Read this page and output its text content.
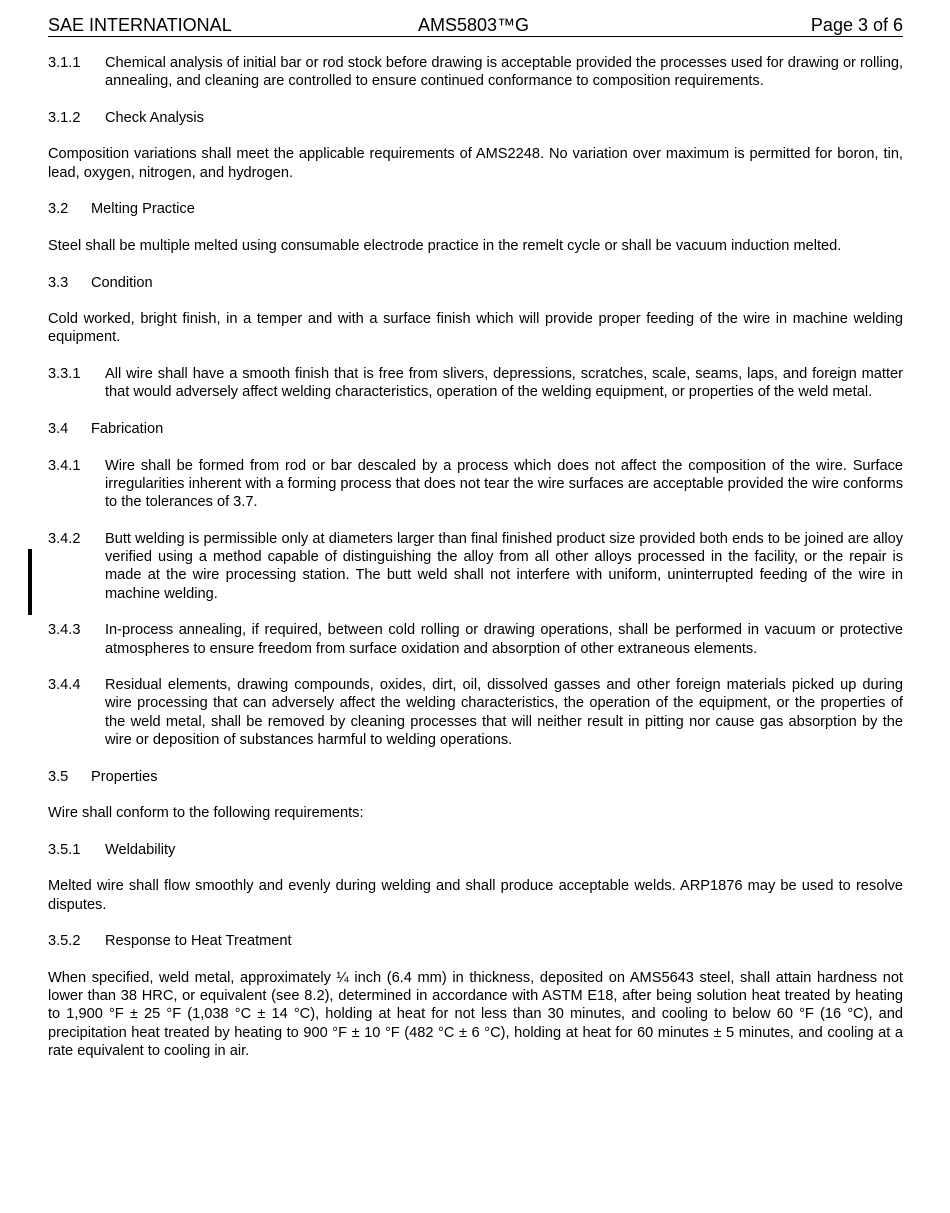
SAE INTERNATIONAL	AMS5803™G	Page 3 of 6
3.1.1	Chemical analysis of initial bar or rod stock before drawing is acceptable provided the processes used for drawing or rolling, annealing, and cleaning are controlled to ensure continued conformance to composition requirements.
3.1.2	Check Analysis

Composition variations shall meet the applicable requirements of AMS2248. No variation over maximum is permitted for boron, tin, lead, oxygen, nitrogen, and hydrogen.

3.2	Melting Practice

Steel shall be multiple melted using consumable electrode practice in the remelt cycle or shall be vacuum induction melted.

3.3	Condition

Cold worked, bright finish, in a temper and with a surface finish which will provide proper feeding of the wire in machine welding equipment.

3.3.1	All wire shall have a smooth finish that is free from slivers, depressions, scratches, scale, seams, laps, and foreign matter that would adversely affect welding characteristics, operation of the welding equipment, or properties of the weld metal.
3.4	Fabrication
3.4.1	Wire shall be formed from rod or bar descaled by a process which does not affect the composition of the wire. Surface irregularities inherent with a forming process that does not tear the wire surfaces are acceptable provided the wire conforms to the tolerances of 3.7.
3.4.2	Butt welding is permissible only at diameters larger than final finished product size provided both ends to be joined are alloy verified using a method capable of distinguishing the alloy from all other alloys processed in the facility, or the repair is made at the wire processing station. The butt weld shall not interfere with uniform, uninterrupted feeding of the wire in machine welding.
3.4.3	In-process annealing, if required, between cold rolling or drawing operations, shall be performed in vacuum or protective atmospheres to ensure freedom from surface oxidation and absorption of other extraneous elements.
3.4.4	Residual elements, drawing compounds, oxides, dirt, oil, dissolved gasses and other foreign materials picked up during wire processing that can adversely affect the welding characteristics, the operation of the equipment, or the properties of the weld metal, shall be removed by cleaning processes that will neither result in pitting nor cause gas absorption by the wire or deposition of substances harmful to welding operations.
3.5	Properties

Wire shall conform to the following requirements:

3.5.1	Weldability

Melted wire shall flow smoothly and evenly during welding and shall produce acceptable welds. ARP1876 may be used to resolve disputes.

3.5.2	Response to Heat Treatment

When specified, weld metal, approximately ¼ inch (6.4 mm) in thickness, deposited on AMS5643 steel, shall attain hardness not lower than 38 HRC, or equivalent (see 8.2), determined in accordance with ASTM E18, after being solution heat treated by heating to 1,900 °F ± 25 °F (1,038 °C ± 14 °C), holding at heat for not less than 30 minutes, and cooling to below 60 °F (16 °C), and precipitation heat treated by heating to 900 °F ± 10 °F (482 °C ± 6 °C), holding at heat for 60 minutes ± 5 minutes, and cooling at a rate equivalent to cooling in air.
